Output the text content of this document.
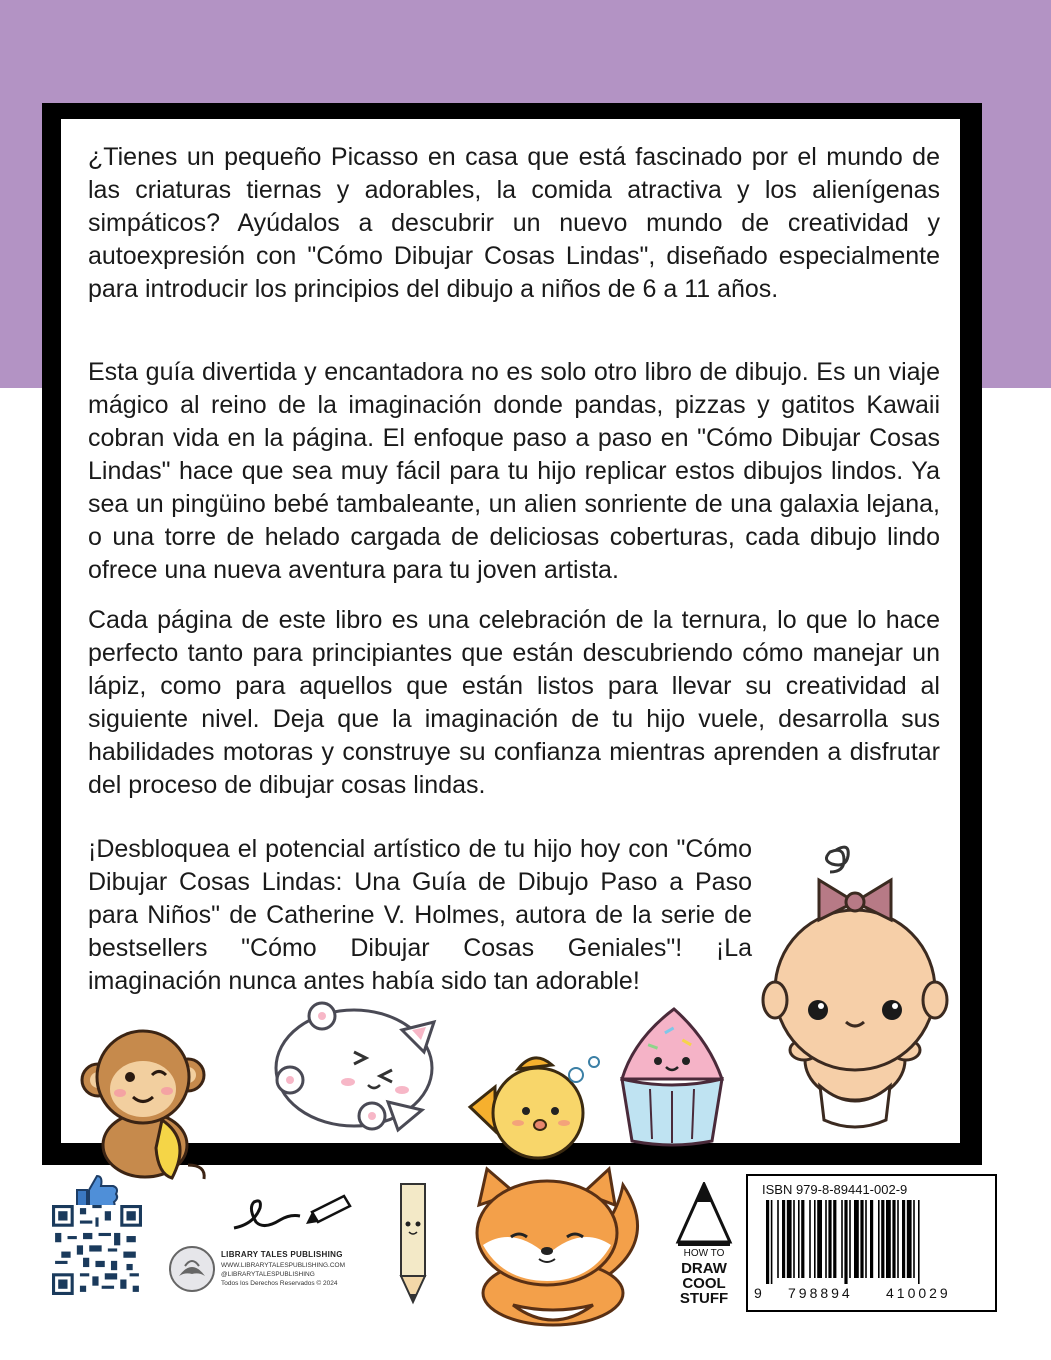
¿Tienes un pequeño Picasso en casa que está fascinado por el mundo de las criaturas tiernas y adorables, la comida atractiva y los alienígenas simpáticos? Ayúdalos a descubrir un nuevo mundo de creatividad y autoexpresión con "Cómo Dibujar Cosas Lindas", diseñado especialmente para introducir los principios del dibujo a niños de 6 a 11 años.

Esta guía divertida y encantadora no es solo otro libro de dibujo. Es un viaje mágico al reino de la imaginación donde pandas, pizzas y gatitos Kawaii cobran vida en la página. El enfoque paso a paso en "Cómo Dibujar Cosas Lindas" hace que sea muy fácil para tu hijo replicar estos dibujos lindos. Ya sea un pingüino bebé tambaleante, un alien sonriente de una galaxia lejana, o una torre de helado cargada de deliciosas coberturas, cada dibujo lindo ofrece una nueva aventura para tu joven artista.

Cada página de este libro es una celebración de la ternura, lo que lo hace perfecto tanto para principiantes que están descubriendo cómo manejar un lápiz, como para aquellos que están listos para llevar su creatividad al siguiente nivel. Deja que la imaginación de tu hijo vuele, desarrolla sus habilidades motoras y construye su confianza mientras aprenden a disfrutar del proceso de dibujar cosas lindas.

¡Desbloquea el potencial artístico de tu hijo hoy con "Cómo Dibujar Cosas Lindas: Una Guía de Dibujo Paso a Paso para Niños" de Catherine V. Holmes, autora de la serie de bestsellers "Cómo Dibujar Cosas Geniales"! ¡La imaginación nunca antes había sido tan adorable!

LIBRARY TALES PUBLISHING
WWW.LIBRARYTALESPUBLISHING.COM
@LIBRARYTALESPUBLISHING
Todos los Derechos Reservados © 2024
HOW TO
DRAW
COOL
STUFF
ISBN 979-8-89441-002-9
9 798894 410029
